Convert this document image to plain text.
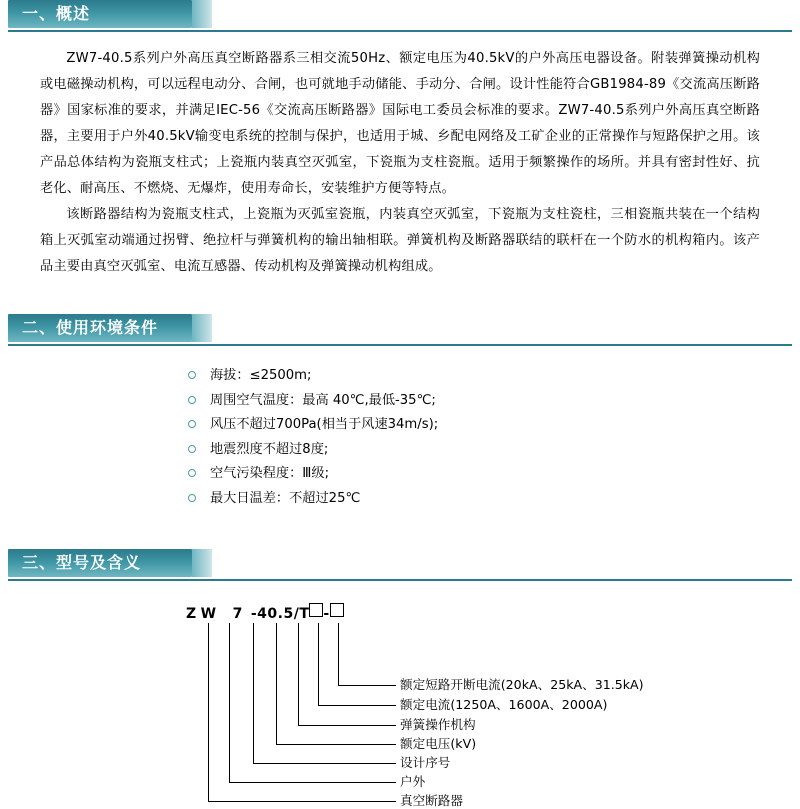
一、概述

ZW7-40.5系列户外高压真空断路器系三相交流50Hz、额定电压为40.5kV的户外高压电器设备。附装弹簧操动机构或电磁操动机构，可以远程电动分、合闸，也可就地手动储能、手动分、合闸。设计性能符合GB1984-89《交流高压断路器》国家标准的要求，并满足IEC-56《交流高压断路器》国际电工委员会标准的要求。ZW7-40.5系列户外高压真空断路器，主要用于户外40.5kV输变电系统的控制与保护，也适用于城、乡配电网络及工矿企业的正常操作与短路保护之用。该产品总体结构为瓷瓶支柱式；上瓷瓶内装真空灭弧室，下瓷瓶为支柱瓷瓶。适用于频繁操作的场所。并具有密封性好、抗老化、耐高压、不燃烧、无爆炸，使用寿命长，安装维护方便等特点。

该断路器结构为瓷瓶支柱式，上瓷瓶为灭弧室瓷瓶，内装真空灭弧室，下瓷瓶为支柱瓷柱，三相瓷瓶共装在一个结构箱上灭弧室动端通过拐臂、绝拉杆与弹簧机构的输出轴相联。弹簧机构及断路器联结的联杆在一个防水的机构箱内。该产品主要由真空灭弧室、电流互感器、传动机构及弹簧操动机构组成。

二、使用环境条件
海拔：≤2500m;
周围空气温度：最高 40℃,最低-35℃;
风压不超过700Pa(相当于风速34m/s);
地震烈度不超过8度;
空气污染程度：Ⅲ级;
最大日温差：不超过25℃
三、型号及含义
Z W 7 -40.5/T -
额定短路开断电流(20kA、25kA、31.5kA)
额定电流(1250A、1600A、2000A)
弹簧操作机构
额定电压(kV)
设计序号
户外
真空断路器
